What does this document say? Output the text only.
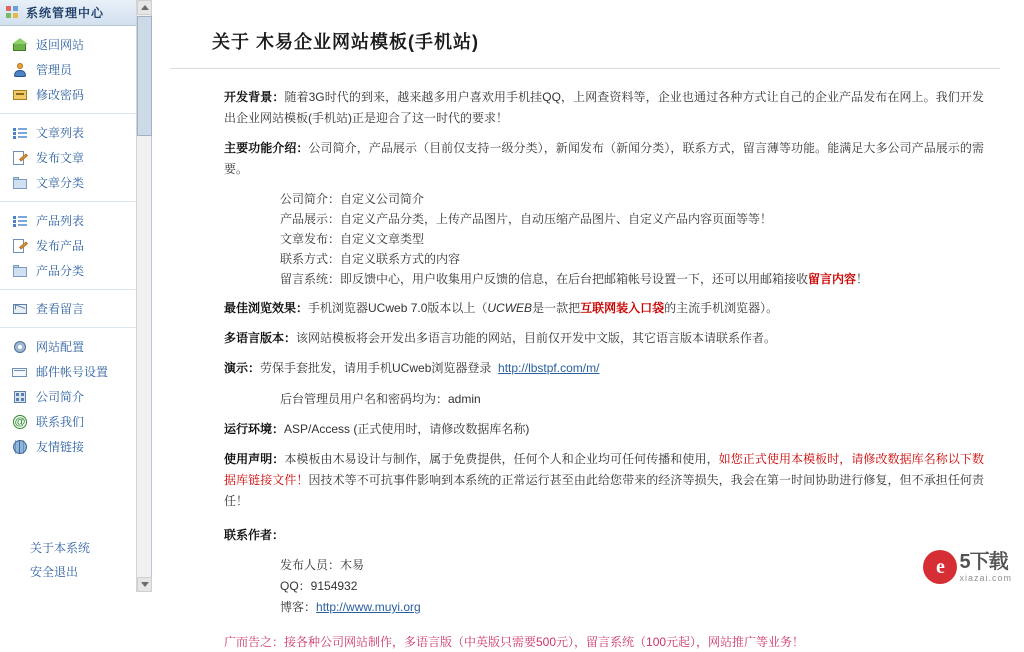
系统管理中心
返回网站
管理员
修改密码
文章列表
发布文章
文章分类
产品列表
发布产品
产品分类
查看留言
网站配置
邮件帐号设置
公司简介
@ 联系我们
友情链接
关于本系统
安全退出
关于 木易企业网站模板(手机站)

开发背景：随着3G时代的到来，越来越多用户喜欢用手机挂QQ，上网查资料等，企业也通过各种方式让自己的企业产品发布在网上。我们开发出企业网站模板(手机站)正是迎合了这一时代的要求！

主要功能介绍：公司简介，产品展示（目前仅支持一级分类），新闻发布（新闻分类），联系方式，留言薄等功能。能满足大多公司产品展示的需要。

公司简介：自定义公司简介
产品展示：自定义产品分类，上传产品图片，自动压缩产品图片、自定义产品内容页面等等！
文章发布：自定义文章类型
联系方式：自定义联系方式的内容
留言系统：即反馈中心，用户收集用户反馈的信息，在后台把邮箱帐号设置一下，还可以用邮箱接收留言内容！

最佳浏览效果：手机浏览器UCweb 7.0版本以上（UCWEB是一款把互联网装入口袋的主流手机浏览器）。

多语言版本：该网站模板将会开发出多语言功能的网站，目前仅开发中文版，其它语言版本请联系作者。

演示：劳保手套批发，请用手机UCweb浏览器登录 http://lbstpf.com/m/

后台管理员用户名和密码均为：admin

运行环境：ASP/Access (正式使用时，请修改数据库名称)

使用声明：本模板由木易设计与制作，属于免费提供，任何个人和企业均可任何传播和使用，如您正式使用本模板时，请修改数据库名称以下数据库链接文件！因技术等不可抗事件影响到本系统的正常运行甚至由此给您带来的经济等损失，我会在第一时间协助进行修复，但不承担任何责任！

联系作者：

发布人员：木易
QQ：9154932
博客：http://www.muyi.org
广而告之：接各种公司网站制作，多语言版（中英版只需要500元），留言系统（100元起），网站推广等业务！
e 5下载
xiazai.com
